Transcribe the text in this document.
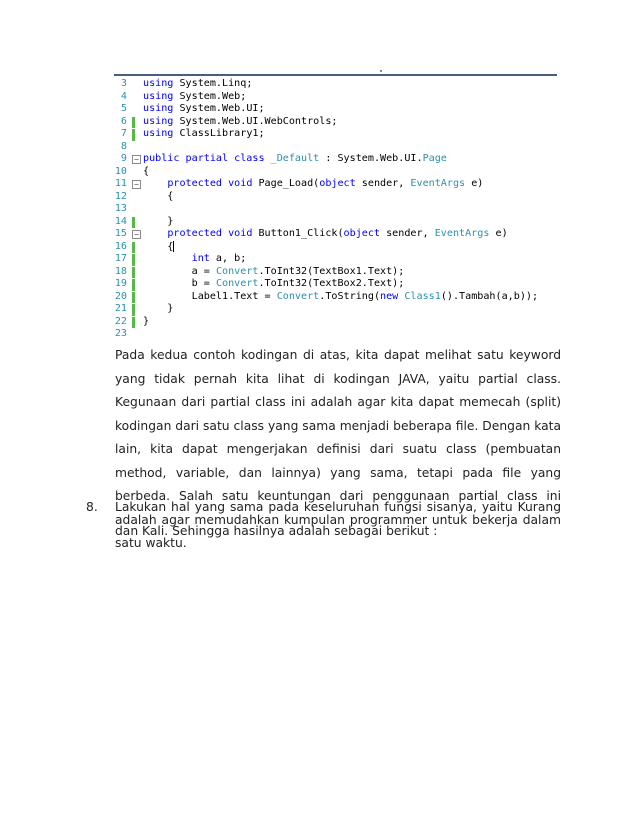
3 using System.Linq;
4 using System.Web;
5 using System.Web.UI;
6 using System.Web.UI.WebControls;
7 using ClassLibrary1;
8
9 − public partial class _Default : System.Web.UI.Page
10 {
11 −	protected void Page_Load(object sender, EventArgs e)
12 {
13
14 }
15 −	protected void Button1_Click(object sender, EventArgs e)
16 {
17	int a, b;
18 a = Convert.ToInt32(TextBox1.Text);
19 b = Convert.ToInt32(TextBox2.Text);
20 Label1.Text = Convert.ToString(new Class1().Tambah(a,b));
21 }
22 }
23
Pada kedua contoh kodingan di atas, kita dapat melihat satu keyword yang tidak pernah kita lihat di kodingan JAVA, yaitu partial class. Kegunaan dari partial class ini adalah agar kita dapat memecah (split) kodingan dari satu class yang sama menjadi beberapa file. Dengan kata lain, kita dapat mengerjakan definisi dari suatu class (pembuatan method, variable, dan lainnya) yang sama, tetapi pada file yang berbeda. Salah satu keuntungan dari penggunaan partial class ini adalah agar memudahkan kumpulan programmer untuk bekerja dalam satu waktu.
8. Lakukan hal yang sama pada keseluruhan fungsi sisanya, yaitu Kurang dan Kali. Sehingga hasilnya adalah sebagai berikut :
